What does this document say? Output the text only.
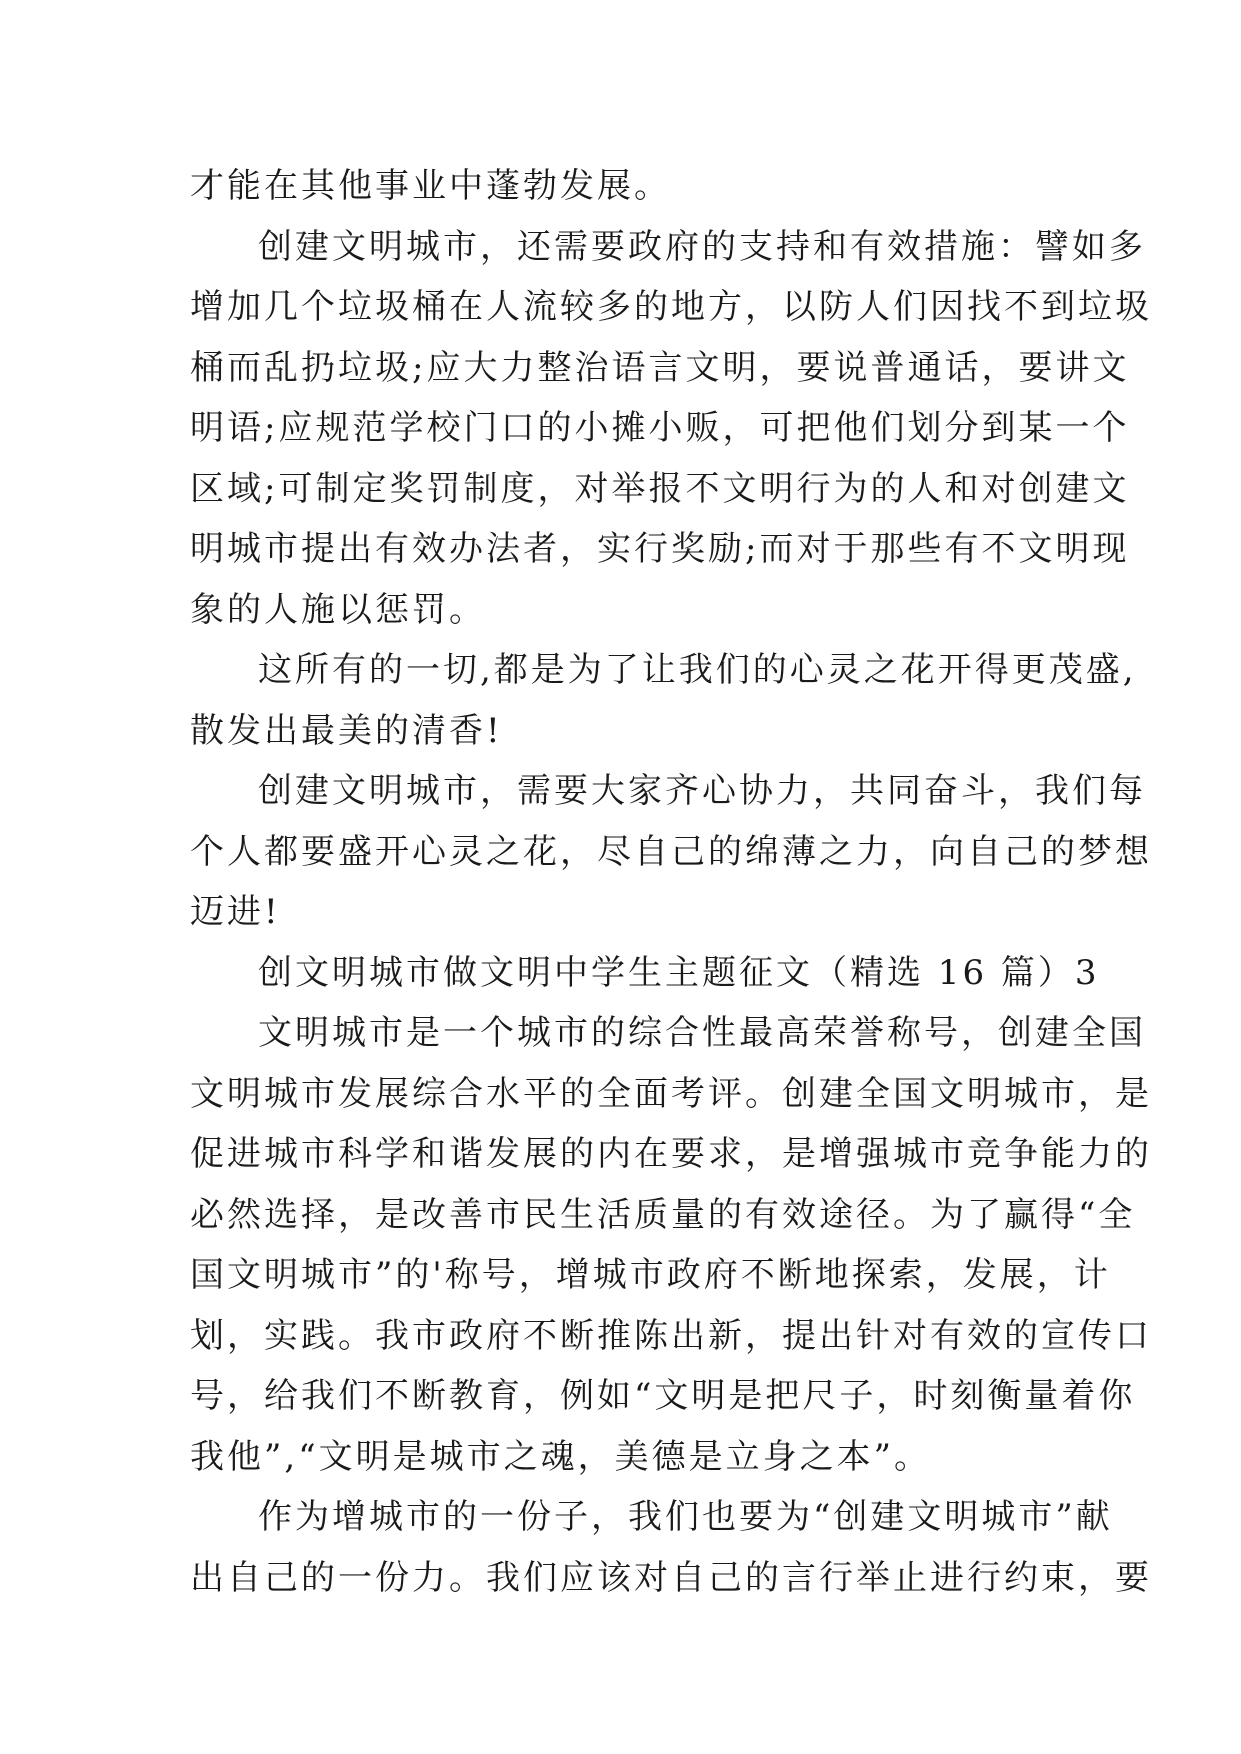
才能在其他事业中蓬勃发展。
创建文明城市，还需要政府的支持和有效措施：譬如多
增加几个垃圾桶在人流较多的地方，以防人们因找不到垃圾
桶而乱扔垃圾;应大力整治语言文明，要说普通话，要讲文
明语;应规范学校门口的小摊小贩，可把他们划分到某一个
区域;可制定奖罚制度，对举报不文明行为的人和对创建文
明城市提出有效办法者，实行奖励;而对于那些有不文明现
象的人施以惩罚。
这所有的一切,都是为了让我们的心灵之花开得更茂盛,
散发出最美的清香!
创建文明城市，需要大家齐心协力，共同奋斗，我们每
个人都要盛开心灵之花，尽自己的绵薄之力，向自己的梦想
迈进!
创文明城市做文明中学生主题征文（精选 16 篇）3
文明城市是一个城市的综合性最高荣誉称号，创建全国
文明城市发展综合水平的全面考评。创建全国文明城市，是
促进城市科学和谐发展的内在要求，是增强城市竞争能力的
必然选择，是改善市民生活质量的有效途径。为了赢得“全
国文明城市”的'称号，增城市政府不断地探索，发展，计
划，实践。我市政府不断推陈出新，提出针对有效的宣传口
号，给我们不断教育，例如“文明是把尺子，时刻衡量着你
我他”,“文明是城市之魂，美德是立身之本”。
作为增城市的一份子，我们也要为“创建文明城市”献
出自己的一份力。我们应该对自己的言行举止进行约束，要
